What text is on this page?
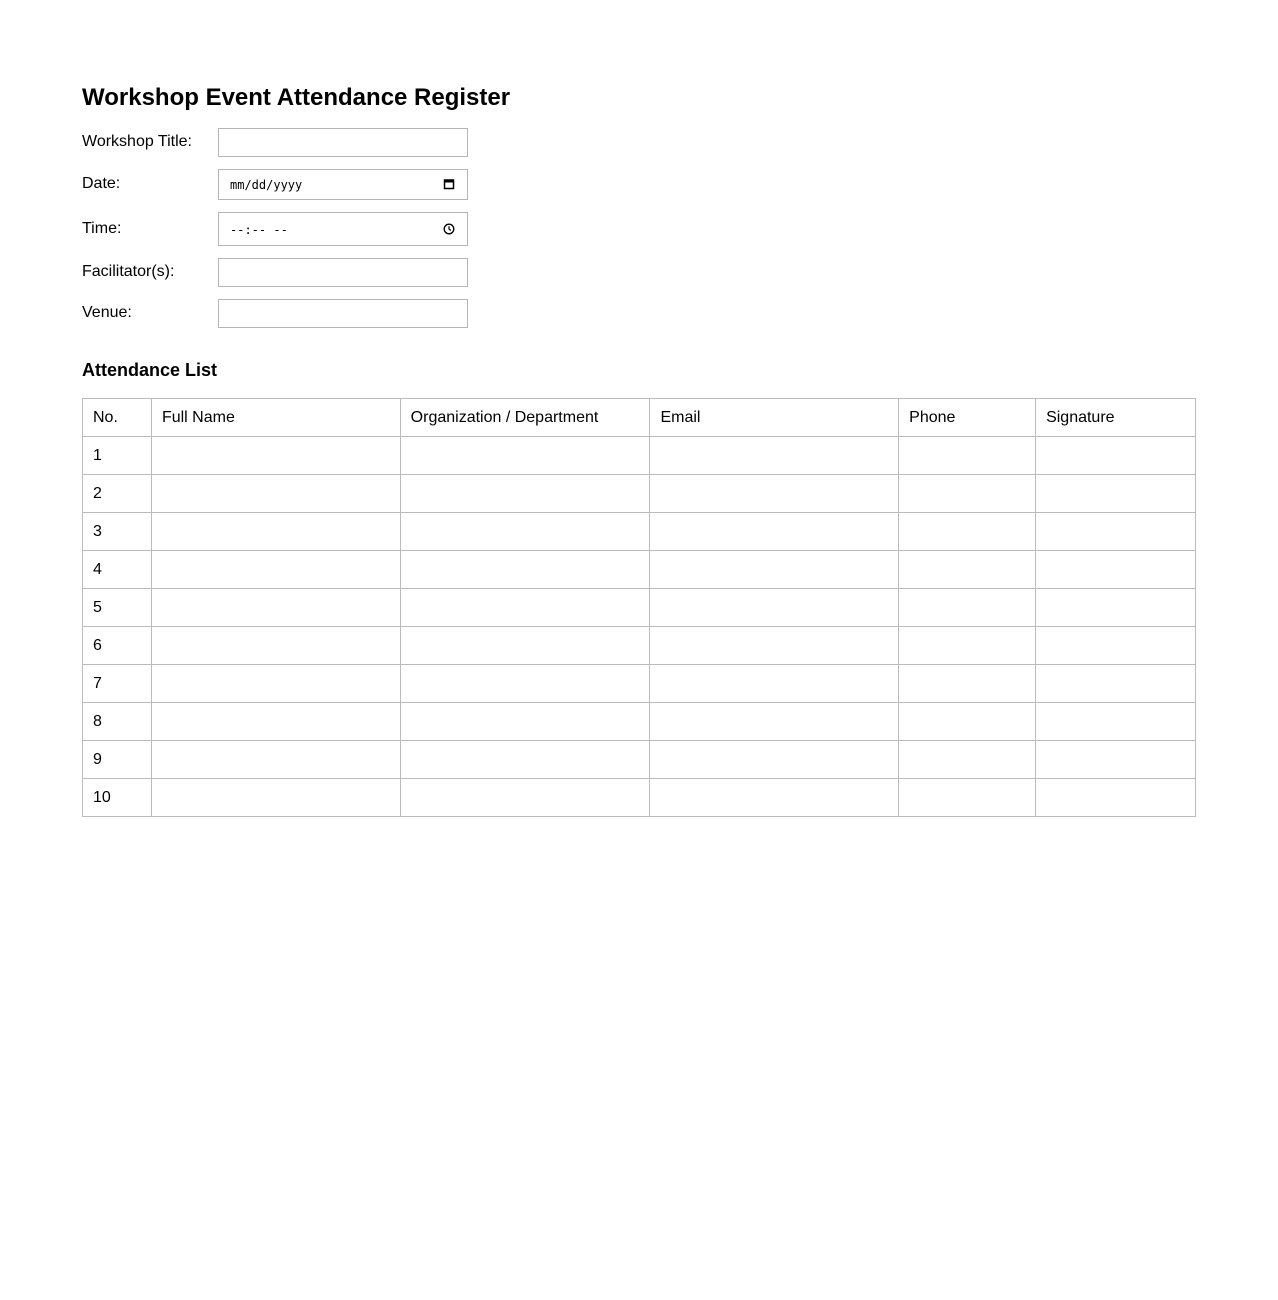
Workshop Event Attendance Register
Workshop Title:
Date:	mm/dd/yyyy
Time:	--:-- --
Facilitator(s):
Venue:
Attendance List
No.	Full Name	Organization / Department	Email	Phone	Signature
1					
2					
3					
4					
5					
6					
7					
8					
9					
10					
